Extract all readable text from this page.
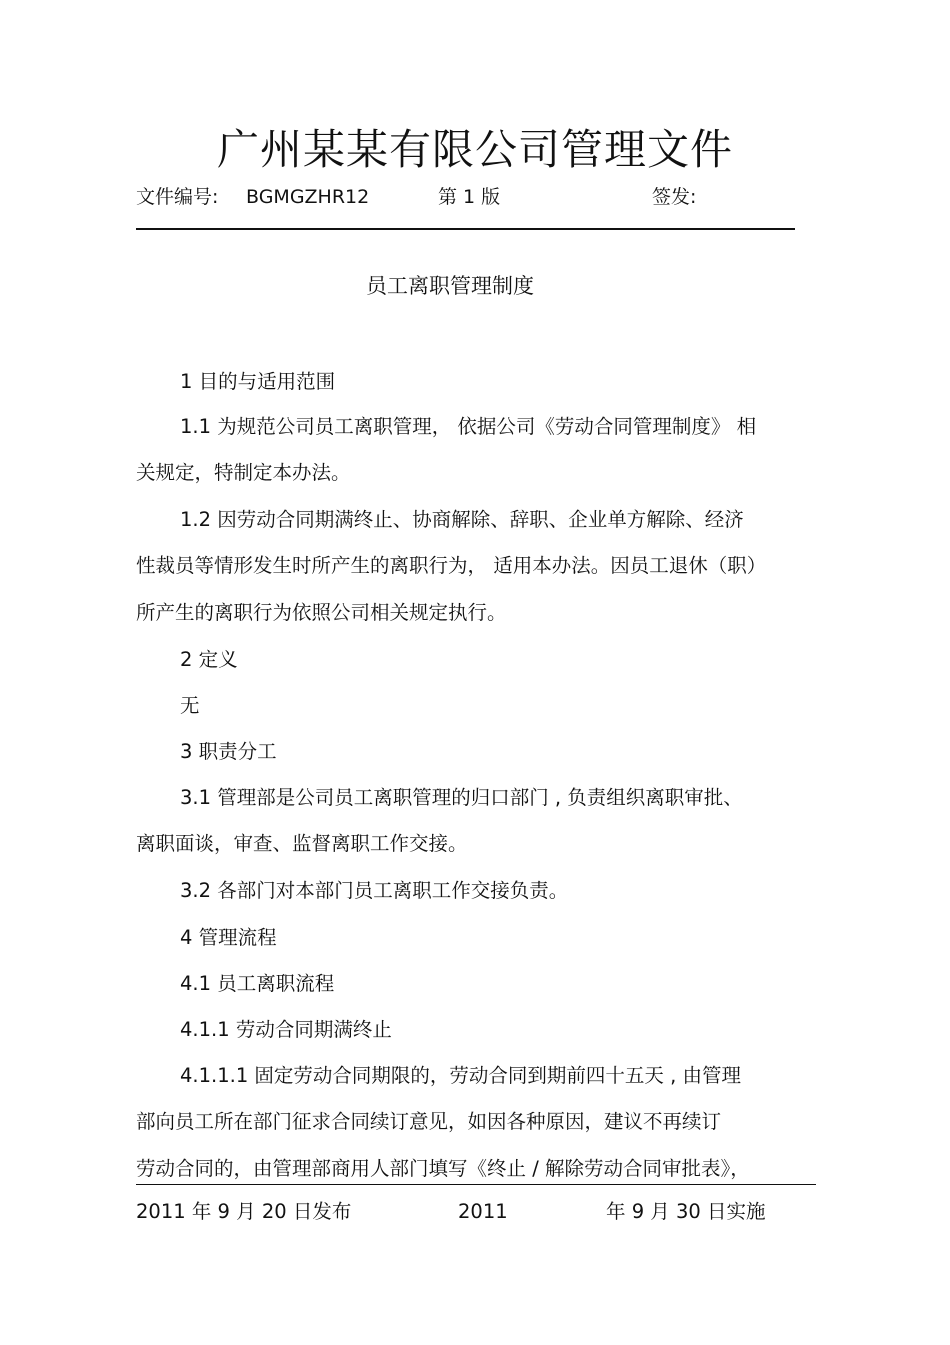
广州某某有限公司管理文件
文件编号: BGMGZHR12	第 1 版	签发:
员工离职管理制度
1 目的与适用范围
1.1 为规范公司员工离职管理， 依据公司《劳动合同管理制度》 相
关规定，特制定本办法。
1.2 因劳动合同期满终止、协商解除、辞职、企业单方解除、经济
性裁员等情形发生时所产生的离职行为， 适用本办法。因员工退休（职）
所产生的离职行为依照公司相关规定执行。
2 定义
无
3 职责分工
3.1 管理部是公司员工离职管理的归口部门 , 负责组织离职审批、
离职面谈，审查、监督离职工作交接。
3.2 各部门对本部门员工离职工作交接负责。
4 管理流程
4.1 员工离职流程
4.1.1 劳动合同期满终止
4.1.1.1 固定劳动合同期限的，劳动合同到期前四十五天 , 由管理
部向员工所在部门征求合同续订意见，如因各种原因，建议不再续订
劳动合同的，由管理部商用人部门填写《终止 / 解除劳动合同审批表》，
2011 年 9 月 20 日发布	2011	年 9 月 30 日实施
